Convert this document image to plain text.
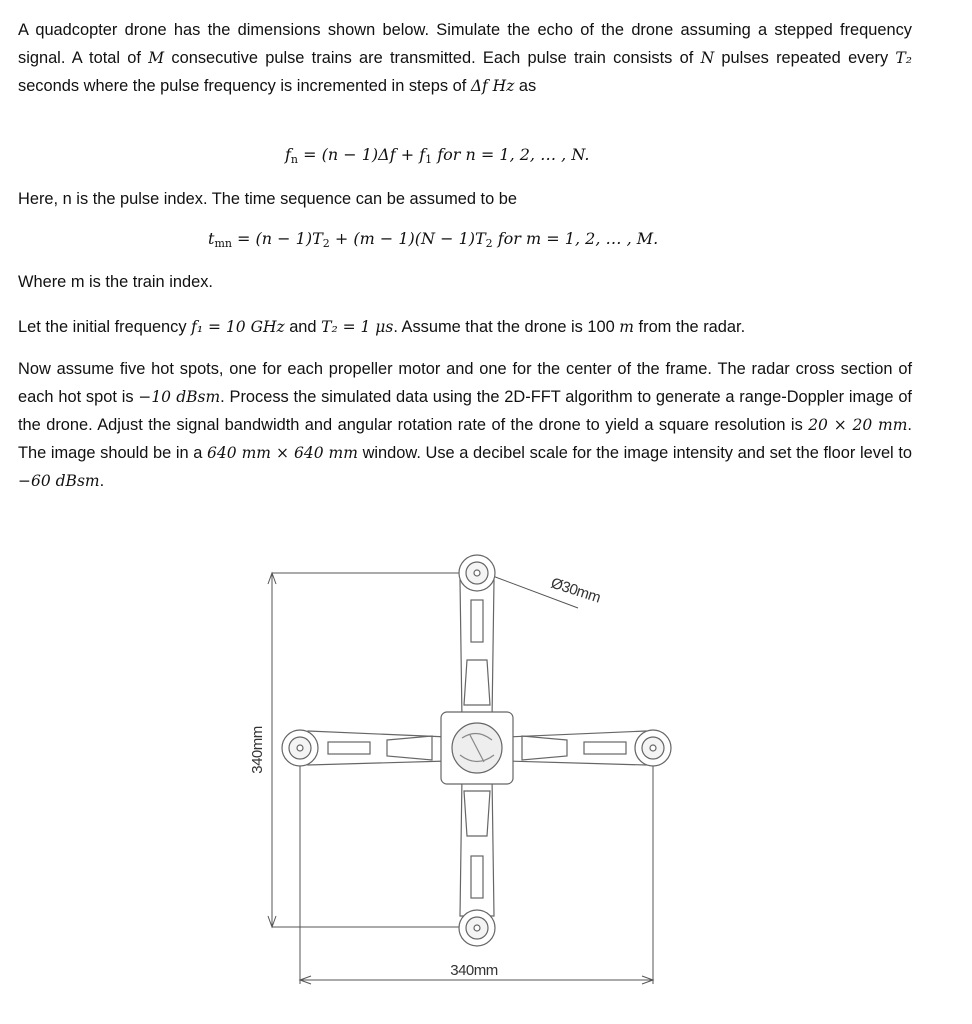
A quadcopter drone has the dimensions shown below. Simulate the echo of the drone assuming a stepped frequency signal. A total of M consecutive pulse trains are transmitted. Each pulse train consists of N pulses repeated every T₂ seconds where the pulse frequency is incremented in steps of Δf Hz as
$f_n = (n - 1)\Delta f + f_1$ for n = 1, 2, … , N.
Here, n is the pulse index. The time sequence can be assumed to be
$t_{mn} = (n - 1)T_2 + (m - 1)(N - 1)T_2$ for m = 1, 2, … , M.
Where m is the train index.
Let the initial frequency f₁ = 10 GHz and T₂ = 1 μs. Assume that the drone is 100 m from the radar.
Now assume five hot spots, one for each propeller motor and one for the center of the frame. The radar cross section of each hot spot is −10 dBsm. Process the simulated data using the 2D-FFT algorithm to generate a range-Doppler image of the drone. Adjust the signal bandwidth and angular rotation rate of the drone to yield a square resolution is 20 × 20 mm. The image should be in a 640 mm × 640 mm window. Use a decibel scale for the image intensity and set the floor level to −60 dBsm.
340mm
340mm
Ø30mm
